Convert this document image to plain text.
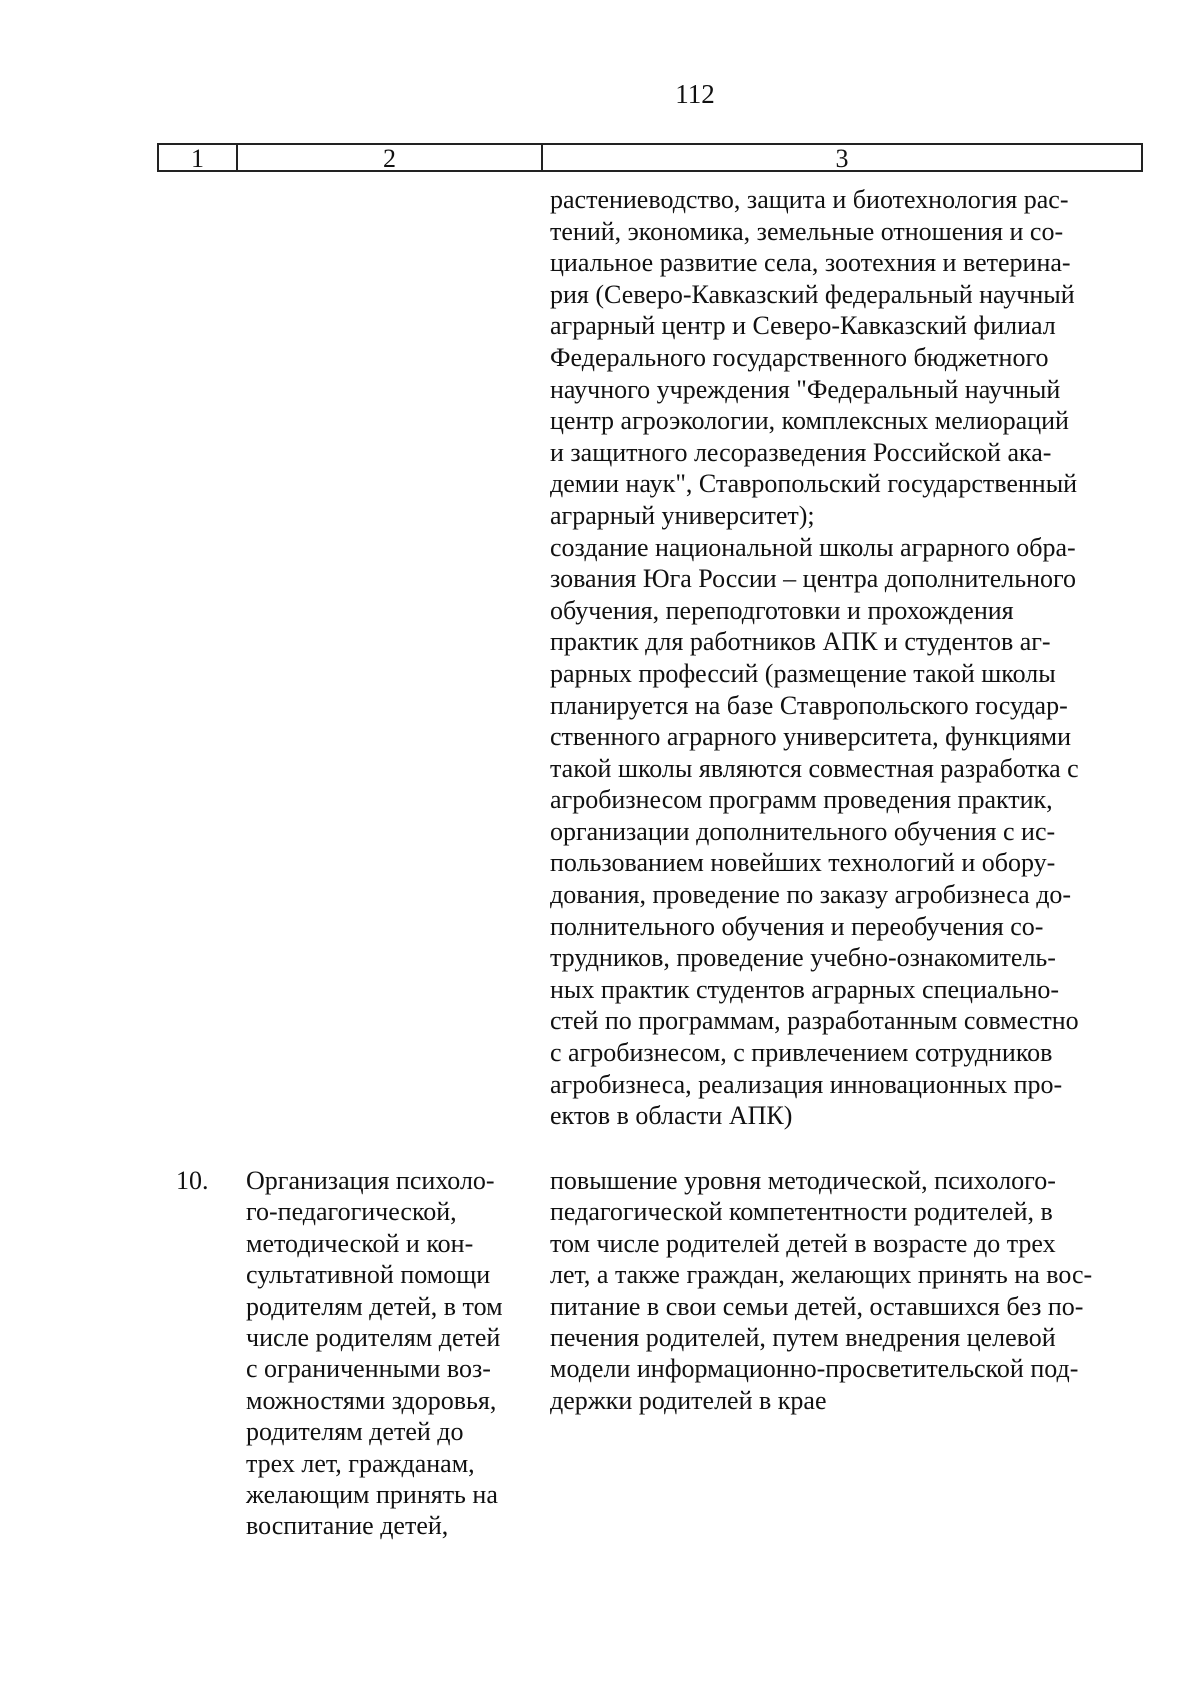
112
1	2	3
растениеводство, защита и биотехнология рас-
тений, экономика, земельные отношения и со-
циальное развитие села, зоотехния и ветерина-
рия (Северо-Кавказский федеральный научный
аграрный центр и Северо-Кавказский филиал
Федерального государственного бюджетного
научного учреждения "Федеральный научный
центр агроэкологии, комплексных мелиораций
и защитного лесоразведения Российской ака-
демии наук", Ставропольский государственный
аграрный университет);
создание национальной школы аграрного обра-
зования Юга России – центра дополнительного
обучения, переподготовки и прохождения
практик для работников АПК и студентов аг-
рарных профессий (размещение такой школы
планируется на базе Ставропольского государ-
ственного аграрного университета, функциями
такой школы являются совместная разработка с
агробизнесом программ проведения практик,
организации дополнительного обучения с ис-
пользованием новейших технологий и обору-
дования, проведение по заказу агробизнеса до-
полнительного обучения и переобучения со-
трудников, проведение учебно-ознакомитель-
ных практик студентов аграрных специально-
стей по программам, разработанным совместно
с агробизнесом, с привлечением сотрудников
агробизнеса, реализация инновационных про-
ектов в области АПК)
10. Организация психоло-
го-педагогической,
методической и кон-
сультативной помощи
родителям детей, в том
числе родителям детей
с ограниченными воз-
можностями здоровья,
родителям детей до
трех лет, гражданам,
желающим принять на
воспитание детей,
повышение уровня методической, психолого-
педагогической компетентности родителей, в
том числе родителей детей в возрасте до трех
лет, а также граждан, желающих принять на вос-
питание в свои семьи детей, оставшихся без по-
печения родителей, путем внедрения целевой
модели информационно-просветительской под-
держки родителей в крае
